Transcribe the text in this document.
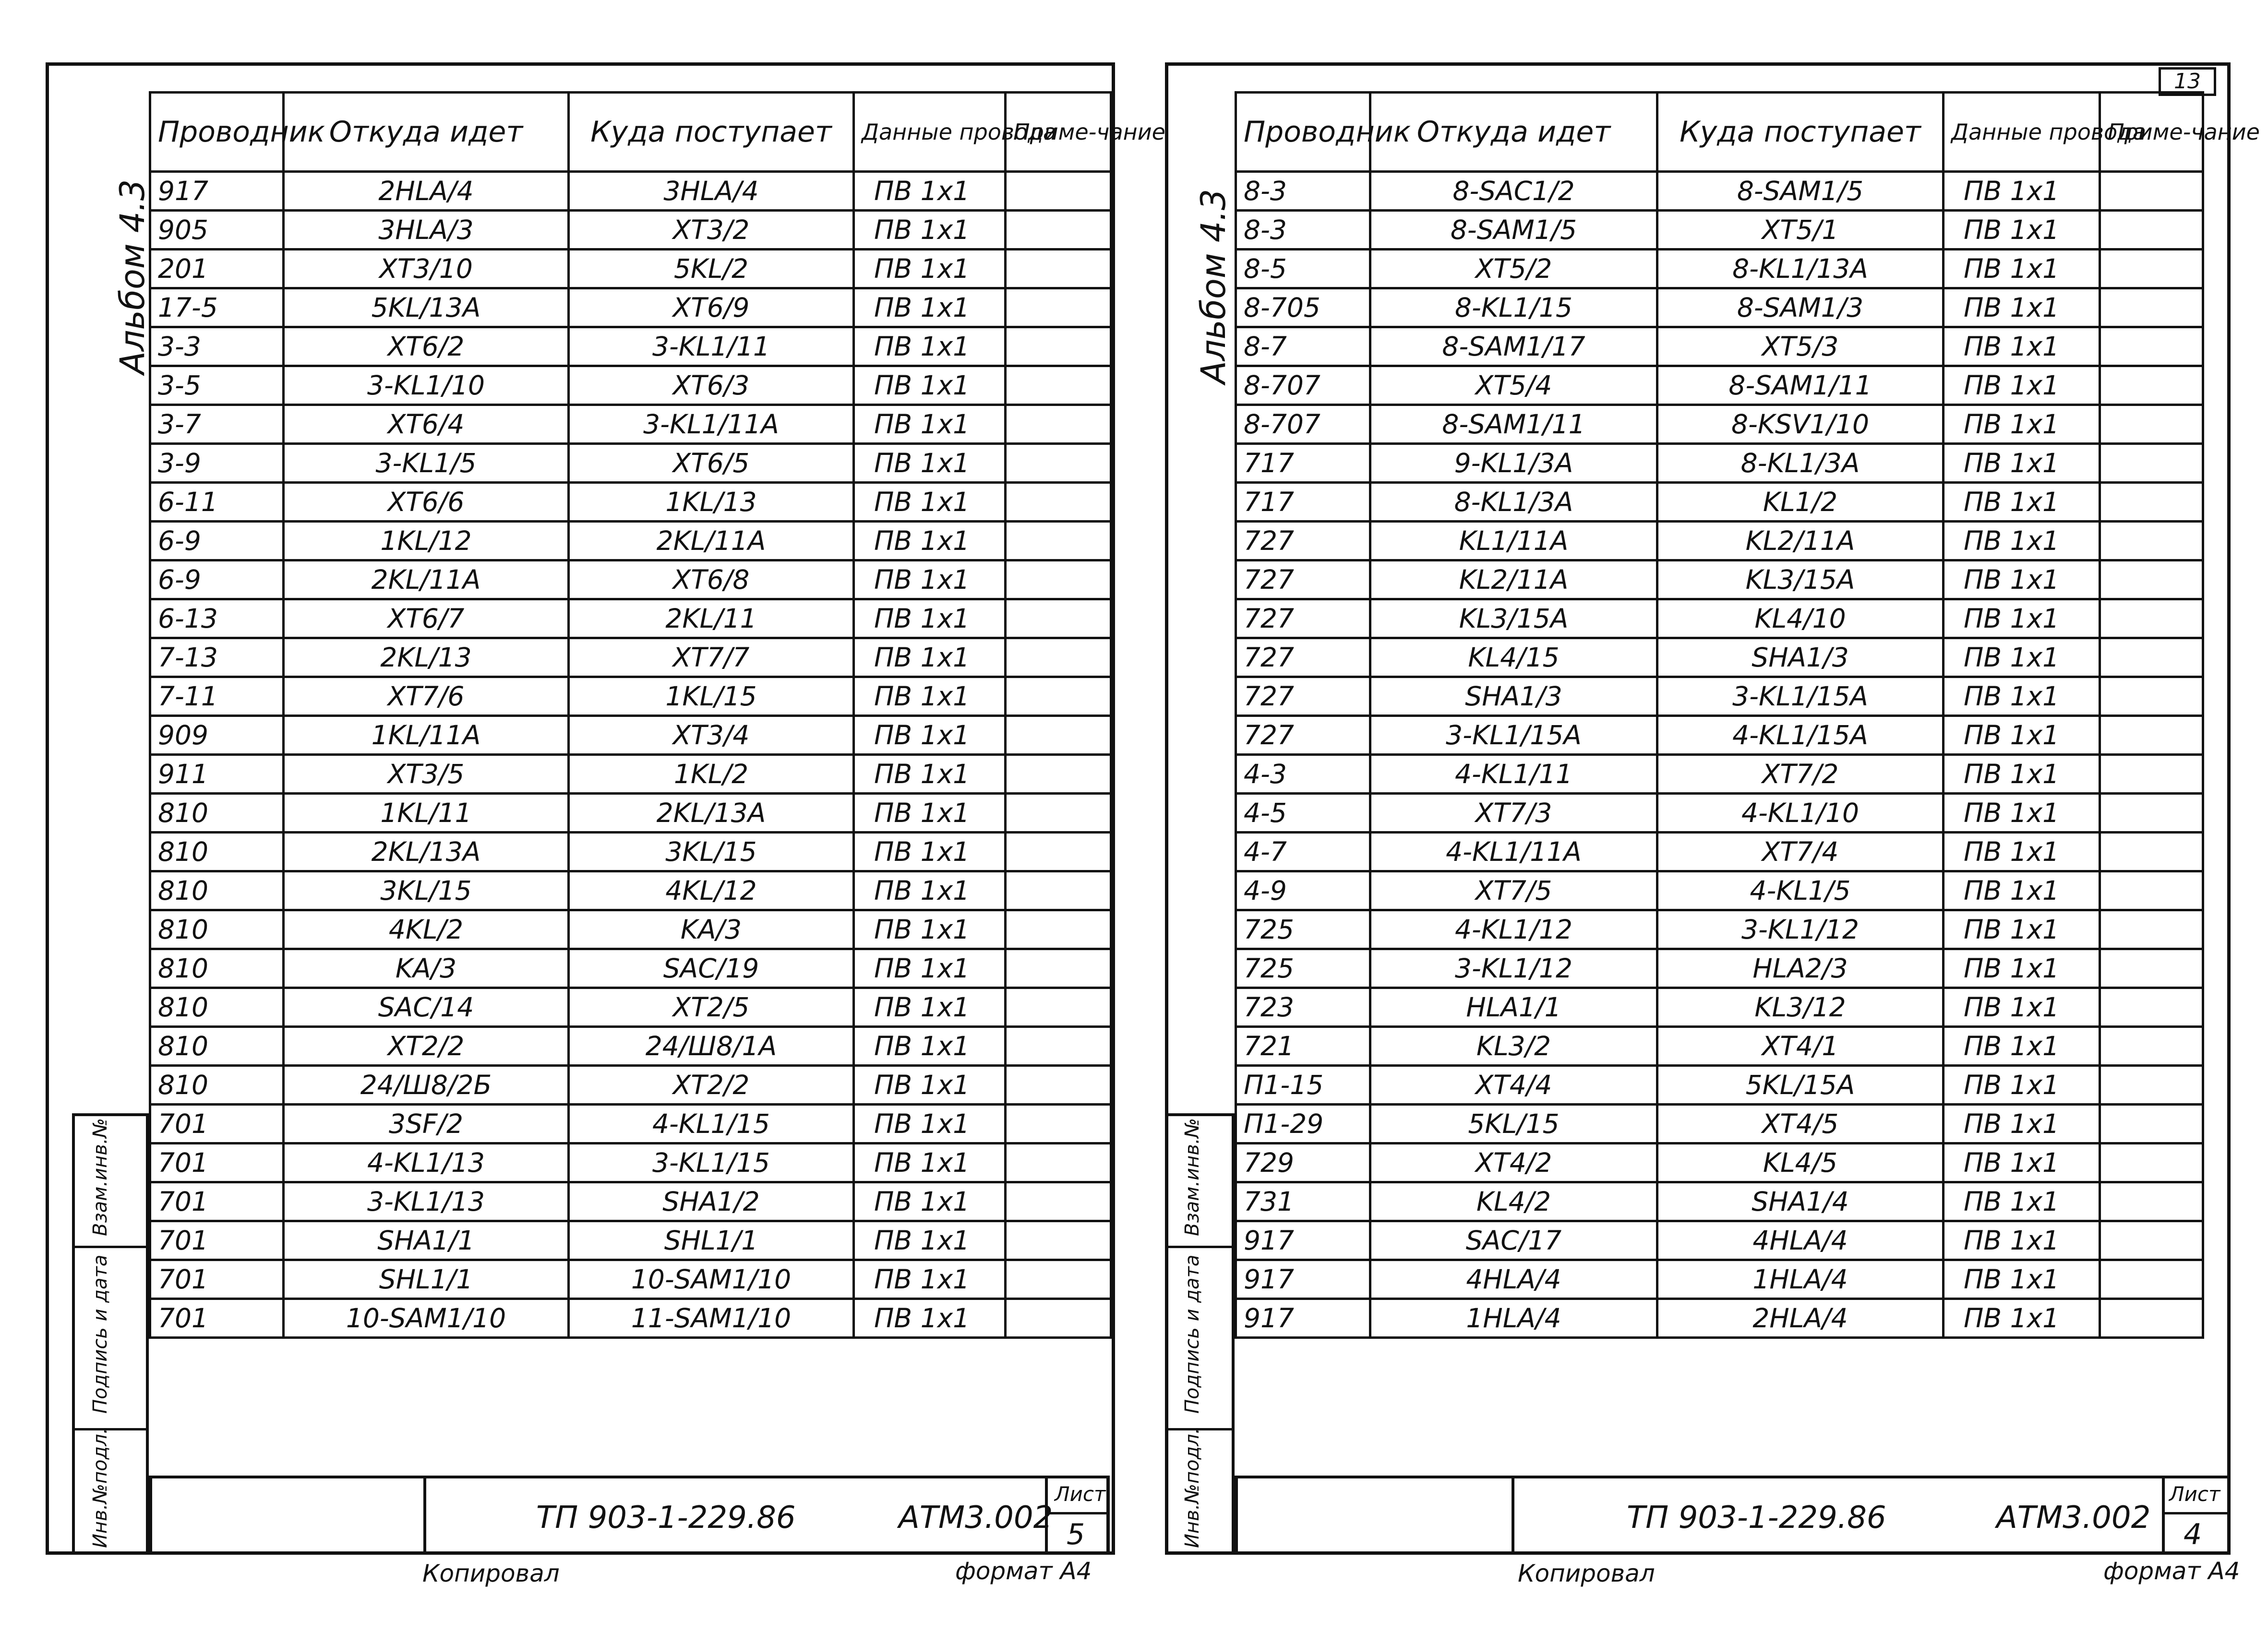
Альбом 4.3
Проводник	Откуда идет	Куда поступает	Данные провода	Приме-чание
917	2HLA/4	3HLA/4	ПВ 1x1	
905	3HLA/3	XT3/2	ПВ 1x1	
201	XT3/10	5KL/2	ПВ 1x1	
17-5	5KL/13A	XT6/9	ПВ 1x1	
3-3	XT6/2	3-KL1/11	ПВ 1x1	
3-5	3-KL1/10	XT6/3	ПВ 1x1	
3-7	XT6/4	3-KL1/11A	ПВ 1x1	
3-9	3-KL1/5	XT6/5	ПВ 1x1	
6-11	XT6/6	1KL/13	ПВ 1x1	
6-9	1KL/12	2KL/11A	ПВ 1x1	
6-9	2KL/11A	XT6/8	ПВ 1x1	
6-13	XT6/7	2KL/11	ПВ 1x1	
7-13	2KL/13	XT7/7	ПВ 1x1	
7-11	XT7/6	1KL/15	ПВ 1x1	
909	1KL/11A	XT3/4	ПВ 1x1	
911	XT3/5	1KL/2	ПВ 1x1	
810	1KL/11	2KL/13A	ПВ 1x1	
810	2KL/13A	3KL/15	ПВ 1x1	
810	3KL/15	4KL/12	ПВ 1x1	
810	4KL/2	KA/3	ПВ 1x1	
810	KA/3	SAC/19	ПВ 1x1	
810	SAC/14	XT2/5	ПВ 1x1	
810	XT2/2	24/Ш8/1A	ПВ 1x1	
810	24/Ш8/2Б	XT2/2	ПВ 1x1	
701	3SF/2	4-KL1/15	ПВ 1x1	
701	4-KL1/13	3-KL1/15	ПВ 1x1	
701	3-KL1/13	SHA1/2	ПВ 1x1	
701	SHA1/1	SHL1/1	ПВ 1x1	
701	SHL1/1	10-SAM1/10	ПВ 1x1	
701	10-SAM1/10	11-SAM1/10	ПВ 1x1	
Взам.инв.№
Подпись и дата
Инв.№подл.	ТП 903-1-229.86	АТМ3.002
Лист
5
Копировал	формат А4
13
Альбом 4.3
Проводник	Откуда идет	Куда поступает	Данные провода	Приме-чание
8-3	8-SAC1/2	8-SAM1/5	ПВ 1x1	
8-3	8-SAM1/5	XT5/1	ПВ 1x1	
8-5	XT5/2	8-KL1/13A	ПВ 1x1	
8-705	8-KL1/15	8-SAM1/3	ПВ 1x1	
8-7	8-SAM1/17	XT5/3	ПВ 1x1	
8-707	XT5/4	8-SAM1/11	ПВ 1x1	
8-707	8-SAM1/11	8-KSV1/10	ПВ 1x1	
717	9-KL1/3A	8-KL1/3A	ПВ 1x1	
717	8-KL1/3A	KL1/2	ПВ 1x1	
727	KL1/11A	KL2/11A	ПВ 1x1	
727	KL2/11A	KL3/15A	ПВ 1x1	
727	KL3/15A	KL4/10	ПВ 1x1	
727	KL4/15	SHA1/3	ПВ 1x1	
727	SHA1/3	3-KL1/15A	ПВ 1x1	
727	3-KL1/15A	4-KL1/15A	ПВ 1x1	
4-3	4-KL1/11	XT7/2	ПВ 1x1	
4-5	XT7/3	4-KL1/10	ПВ 1x1	
4-7	4-KL1/11A	XT7/4	ПВ 1x1	
4-9	XT7/5	4-KL1/5	ПВ 1x1	
725	4-KL1/12	3-KL1/12	ПВ 1x1	
725	3-KL1/12	HLA2/3	ПВ 1x1	
723	HLA1/1	KL3/12	ПВ 1x1	
721	KL3/2	XT4/1	ПВ 1x1	
П1-15	XT4/4	5KL/15A	ПВ 1x1	
П1-29	5KL/15	XT4/5	ПВ 1x1	
729	XT4/2	KL4/5	ПВ 1x1	
731	KL4/2	SHA1/4	ПВ 1x1	
917	SAC/17	4HLA/4	ПВ 1x1	
917	4HLA/4	1HLA/4	ПВ 1x1	
917	1HLA/4	2HLA/4	ПВ 1x1	
Взам.инв.№
Подпись и дата
Инв.№подл.	ТП 903-1-229.86	АТМ3.002
Лист
4
Копировал	формат А4
